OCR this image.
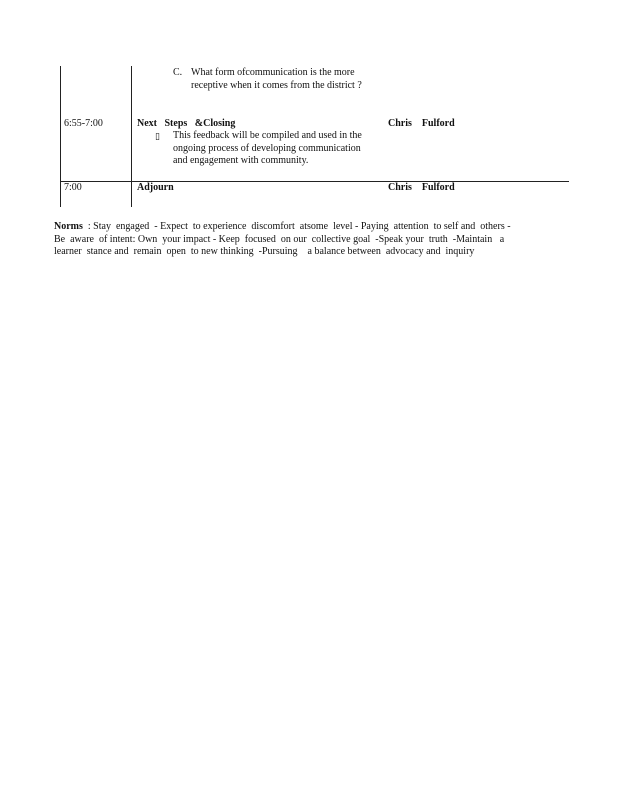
C. What form ofcommunication is the more receptive when it comes from the district ?
6:55-7:00	Next   Steps   &Closing	Chris    Fulford
▯ This feedback will be compiled and used in the ongoing process of developing communication and engagement with community.
7:00	Adjourn	Chris    Fulford
Norms  : Stay  engaged  - Expect  to experience  discomfort  atsome  level - Paying  attention  to self and  others - Be  aware  of intent: Own  your impact - Keep  focused  on our  collective goal  -Speak your  truth  -Maintain   a learner  stance and  remain  open  to new thinking  -Pursuing    a balance between  advocacy and  inquiry
